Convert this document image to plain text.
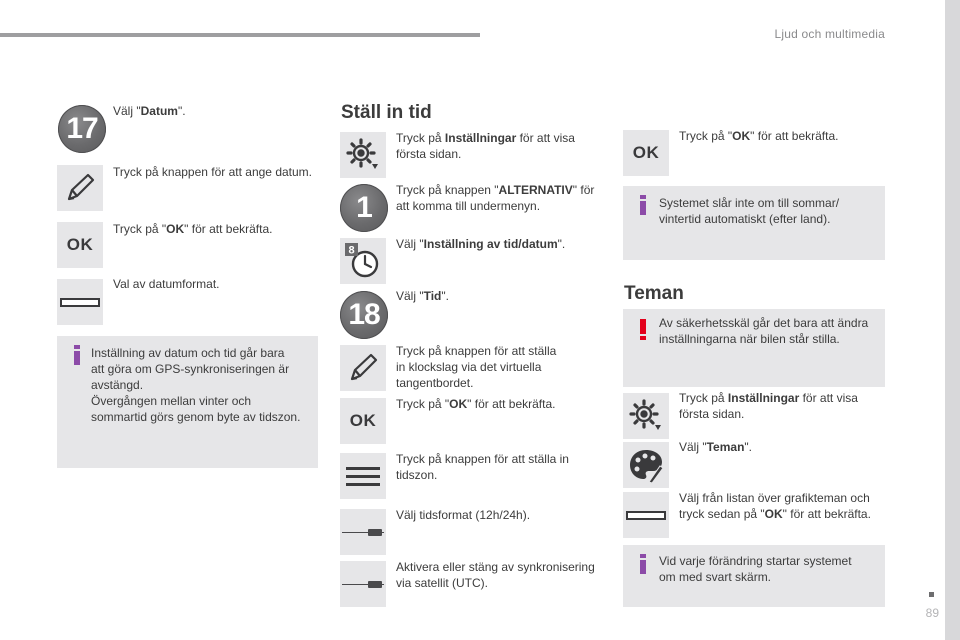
Ljud och multimedia
89
17
Välj "Datum".
Tryck på knappen för att ange datum.
OK
Tryck på "OK" för att bekräfta.
Val av datumformat.
Inställning av datum och tid går bara
att göra om GPS-synkroniseringen är
avstängd.
Övergången mellan vinter och
sommartid görs genom byte av tidszon.
Ställ in tid
Tryck på Inställningar för att visa
första sidan.
1
Tryck på knappen "ALTERNATIV" för
att komma till undermenyn.
8	Välj "Inställning av tid/datum".
18
Välj "Tid".
Tryck på knappen för att ställa
in klockslag via det virtuella
tangentbordet.
OK
Tryck på "OK" för att bekräfta.
Tryck på knappen för att ställa in
tidszon.
Välj tidsformat (12h/24h).
Aktivera eller stäng av synkronisering
via satellit (UTC).
OK
Tryck på "OK" för att bekräfta.
Systemet slår inte om till sommar/
vintertid automatiskt (efter land).
Teman
Av säkerhetsskäl går det bara att ändra
inställningarna när bilen står stilla.
Tryck på Inställningar för att visa
första sidan.
Välj "Teman".
Välj från listan över grafikteman och
tryck sedan på "OK" för att bekräfta.
Vid varje förändring startar systemet
om med svart skärm.
